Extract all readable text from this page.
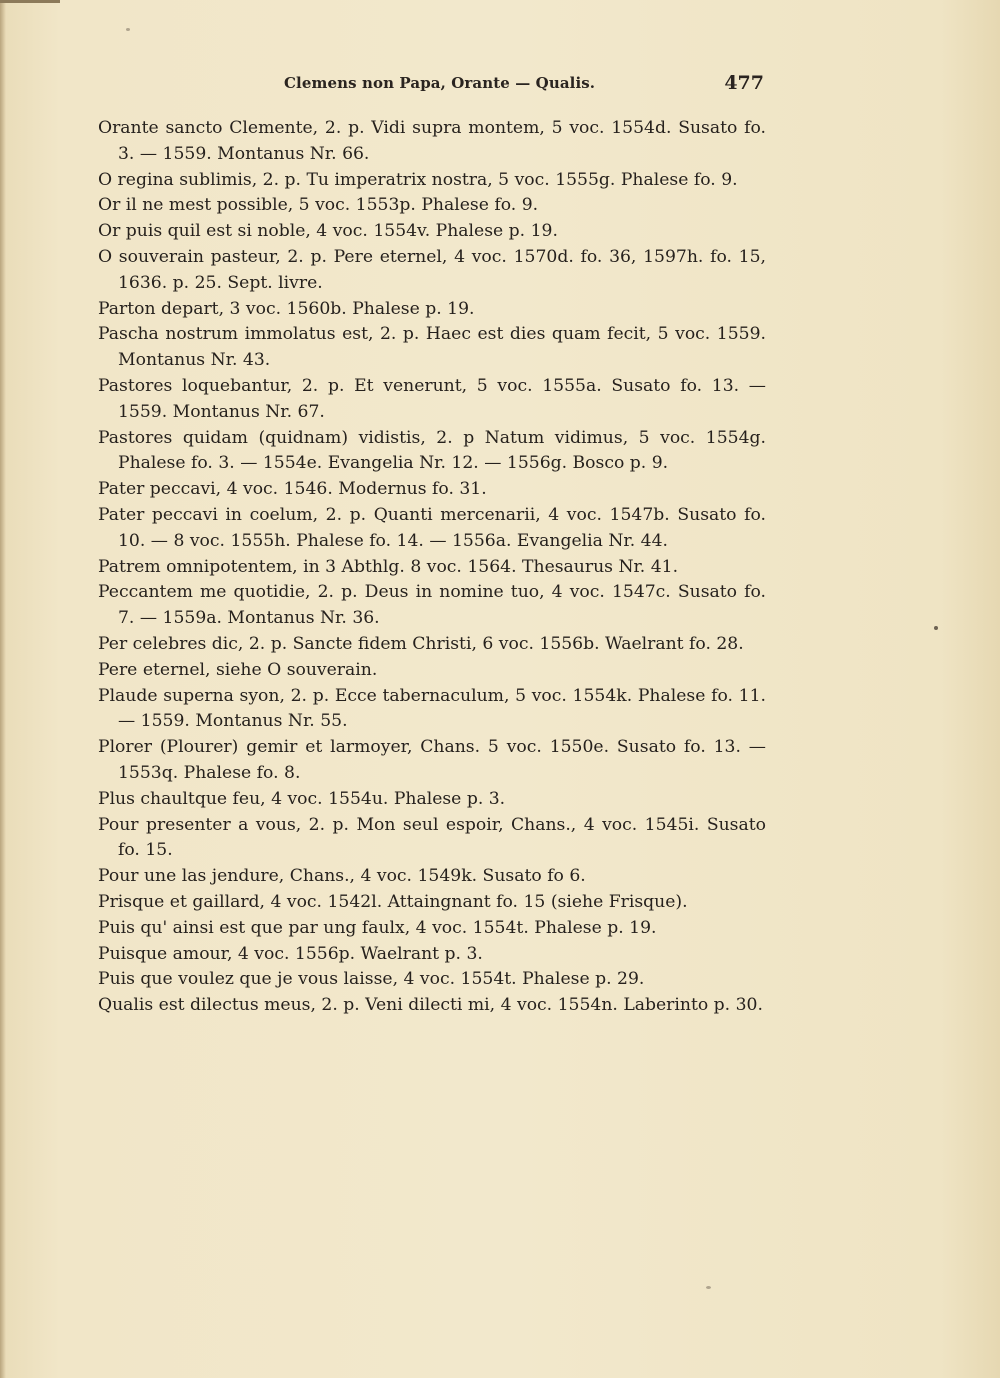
Clemens non Papa, Orante — Qualis.	477
Orante sancto Clemente, 2. p. Vidi supra montem, 5 voc. 1554d. Susato fo. 3. — 1559. Montanus Nr. 66.
O regina sublimis, 2. p. Tu imperatrix nostra, 5 voc. 1555g. Phalese fo. 9.
Or il ne mest possible, 5 voc. 1553p. Phalese fo. 9.
Or puis quil est si noble, 4 voc. 1554v. Phalese p. 19.
O souverain pasteur, 2. p. Pere eternel, 4 voc. 1570d. fo. 36, 1597h. fo. 15, 1636. p. 25. Sept. livre.
Parton depart, 3 voc. 1560b. Phalese p. 19.
Pascha nostrum immolatus est, 2. p. Haec est dies quam fecit, 5 voc. 1559. Montanus Nr. 43.
Pastores loquebantur, 2. p. Et venerunt, 5 voc. 1555a. Susato fo. 13. — 1559. Montanus Nr. 67.
Pastores quidam (quidnam) vidistis, 2. p Natum vidimus, 5 voc. 1554g. Phalese fo. 3. — 1554e. Evangelia Nr. 12. — 1556g. Bosco p. 9.
Pater peccavi, 4 voc. 1546. Modernus fo. 31.
Pater peccavi in coelum, 2. p. Quanti mercenarii, 4 voc. 1547b. Susato fo. 10. — 8 voc. 1555h. Phalese fo. 14. — 1556a. Evangelia Nr. 44.
Patrem omnipotentem, in 3 Abthlg. 8 voc. 1564. Thesaurus Nr. 41.
Peccantem me quotidie, 2. p. Deus in nomine tuo, 4 voc. 1547c. Susato fo. 7. — 1559a. Montanus Nr. 36.
Per celebres dic, 2. p. Sancte fidem Christi, 6 voc. 1556b. Waelrant fo. 28.
Pere eternel, siehe O souverain.
Plaude superna syon, 2. p. Ecce tabernaculum, 5 voc. 1554k. Phalese fo. 11. — 1559. Montanus Nr. 55.
Plorer (Plourer) gemir et larmoyer, Chans. 5 voc. 1550e. Susato fo. 13. — 1553q. Phalese fo. 8.
Plus chaultque feu, 4 voc. 1554u. Phalese p. 3.
Pour presenter a vous, 2. p. Mon seul espoir, Chans., 4 voc. 1545i. Susato fo. 15.
Pour une las jendure, Chans., 4 voc. 1549k. Susato fo 6.
Prisque et gaillard, 4 voc. 1542l. Attaingnant fo. 15 (siehe Frisque).
Puis qu' ainsi est que par ung faulx, 4 voc. 1554t. Phalese p. 19.
Puisque amour, 4 voc. 1556p. Waelrant p. 3.
Puis que voulez que je vous laisse, 4 voc. 1554t. Phalese p. 29.
Qualis est dilectus meus, 2. p. Veni dilecti mi, 4 voc. 1554n. Laberinto p. 30.
